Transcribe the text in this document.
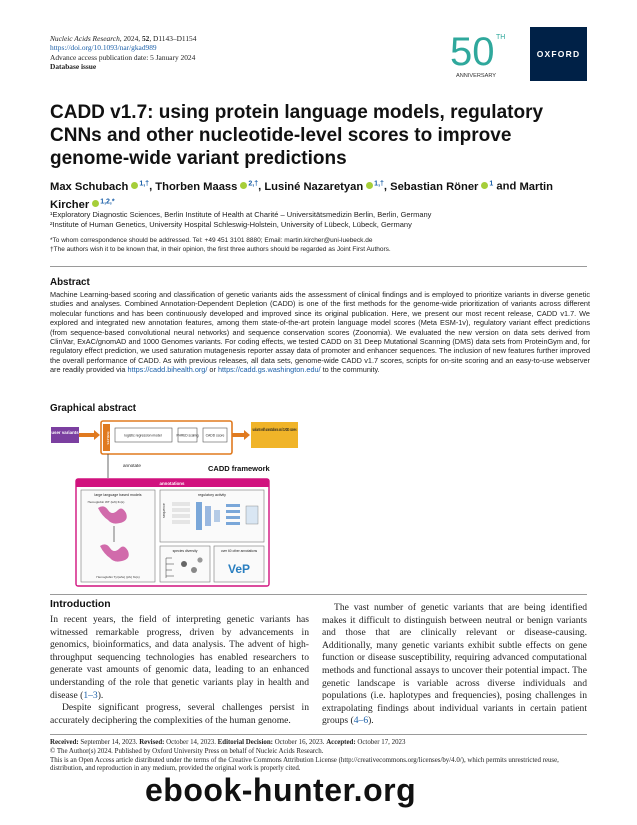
Nucleic Acids Research, 2024, 52, D1143–D1154
https://doi.org/10.1093/nar/gkad989
Advance access publication date: 5 January 2024
Database issue	50 TH
ANNIVERSARY
OXFORD
CADD v1.7: using protein language models, regulatory CNNs and other nucleotide-level scores to improve genome-wide variant predictions
Max Schubach $^{1,\dagger}$, Thorben Maass $^{2,\dagger}$, Lusiné Nazaretyan $^{1,\dagger}$, Sebastian Röner $^1$ and Martin Kircher $^{1,2,*}$
¹Exploratory Diagnostic Sciences, Berlin Institute of Health at Charité – Universitätsmedizin Berlin, Berlin, Germany
²Institute of Human Genetics, University Hospital Schleswig-Holstein, University of Lübeck, Lübeck, Germany
*To whom correspondence should be addressed. Tel: +49 451 3101 8880; Email: martin.kircher@uni-luebeck.de
†The authors wish it to be known that, in their opinion, the first three authors should be regarded as Joint First Authors.
Abstract
Machine Learning-based scoring and classification of genetic variants aids the assessment of clinical findings and is employed to prioritize variants in diverse genetic studies and analyses. Combined Annotation-Dependent Depletion (CADD) is one of the first methods for the genome-wide prioritization of variants across different molecular functions and has been continuously developed and improved since its original publication. Here, we present our most recent release, CADD v1.7. We explored and integrated new annotation features, among them state-of-the-art protein language model scores (Meta ESM-1v), regulatory variant effect predictions (from sequence-based convolutional neural networks) and sequence conservation scores (Zoonomia). We evaluated the new version on data sets derived from ClinVar, ExAC/gnomAD and 1000 Genomes variants. For coding effects, we tested CADD on 31 Deep Mutational Scanning (DMS) data sets from ProteinGym and, for regulatory effect prediction, we used saturation mutagenesis reporter assay data of promoter and enhancer sequences. The inclusion of new features further improved the overall performance of CADD. As with previous releases, all data sets, genome-wide CADD v1.7 scores, scripts for on-site scoring and an easy-to-use webserver are readily provided via https://cadd.bihealth.org/ or https://cadd.gs.washington.edu/ to the community.
Graphical abstract
user variants	features	logistic regression model	PHRED scaling CADD score
variants with annotations and CADD scores
annotate	CADD framework
annotations
large language based models
Hemoglobin WT (left) fix(s)
Hemoglobin Tyr(ahs) (pfx) fix(s)
regulatory activity
sequence
species diversity	over 60 other annotations
VeP
Introduction

In recent years, the field of interpreting genetic variants has witnessed remarkable progress, driven by advancements in genomics, bioinformatics, and data analysis. The advent of high-throughput sequencing technologies has enabled researchers to generate vast amounts of genomic data, leading to an enhanced understanding of the role that genetic variants play in health and disease (1–3).

Despite significant progress, several challenges persist in accurately deciphering the complexities of the human genome.

The vast number of genetic variants that are being identified makes it difficult to distinguish between neutral or benign variants and those that are clinically relevant or disease-causing. Additionally, many genetic variants exhibit subtle effects on gene function or disease susceptibility, requiring advanced computational methods and functional assays to uncover their potential impact. The genetic landscape is variable across diverse individuals and populations (i.e. haplotypes and frequencies), posing challenges in extrapolating findings about individual variants in certain patient groups (4–6).

Received: September 14, 2023. Revised: October 14, 2023. Editorial Decision: October 16, 2023. Accepted: October 17, 2023
© The Author(s) 2024. Published by Oxford University Press on behalf of Nucleic Acids Research.
This is an Open Access article distributed under the terms of the Creative Commons Attribution License (http://creativecommons.org/licenses/by/4.0/), which permits unrestricted reuse, distribution, and reproduction in any medium, provided the original work is properly cited.
ebook-hunter.org
